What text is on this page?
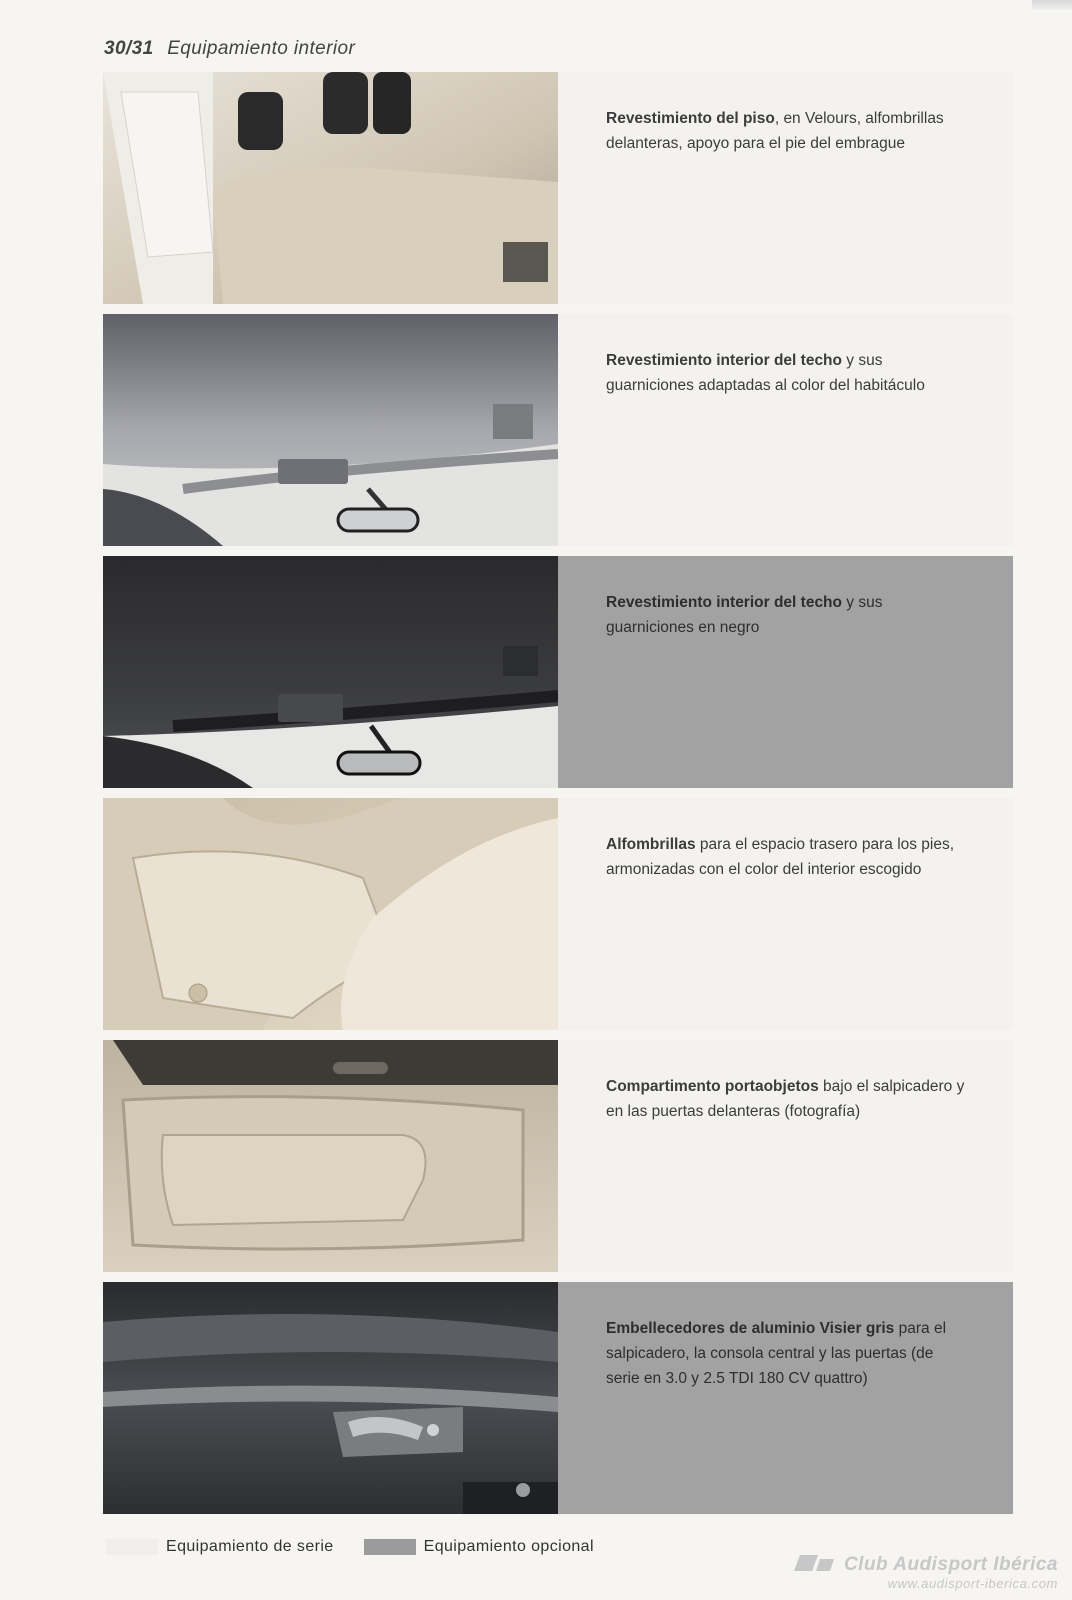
30/31 Equipamiento interior
Revestimiento del piso, en Velours, alfombrillas delanteras, apoyo para el pie del embrague
Revestimiento interior del techo y sus guarniciones adaptadas al color del habitáculo
Revestimiento interior del techo y sus guarniciones en negro
Alfombrillas para el espacio trasero para los pies, armonizadas con el color del interior escogido
Compartimento portaobjetos bajo el salpicadero y en las puertas delanteras (fotografía)
Embellecedores de aluminio Visier gris para el salpicadero, la consola central y las puertas (de serie en 3.0 y 2.5 TDI 180 CV quattro)
Equipamiento de serie	Equipamiento opcional
Club Audisport Ibérica
www.audisport-iberica.com
